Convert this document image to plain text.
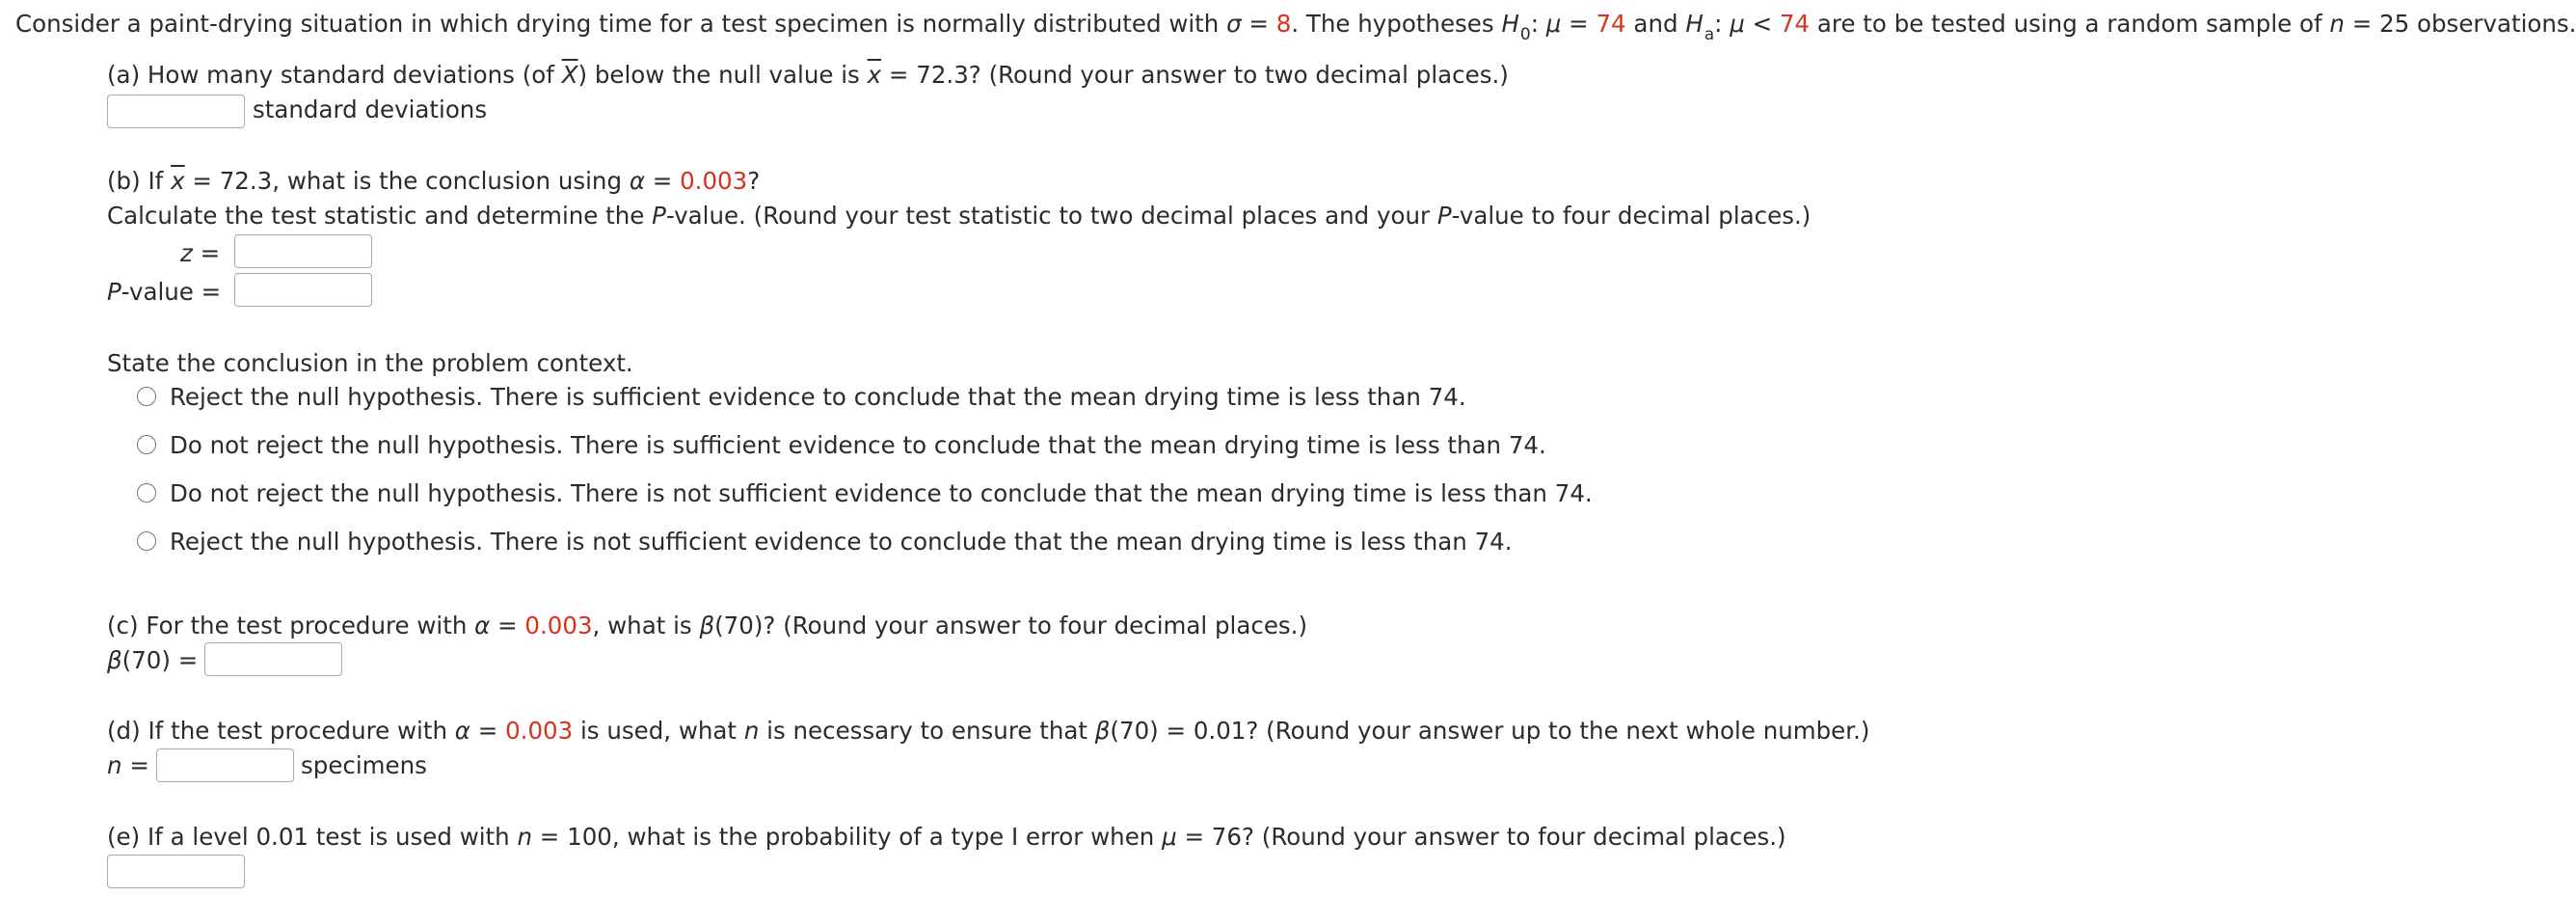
Consider a paint-drying situation in which drying time for a test specimen is normally distributed with σ = 8. The hypotheses $H_0$: μ = 74 and $H_a$: μ < 74 are to be tested using a random sample of n = 25 observations.
(a) How many standard deviations (of $\overline{X}$) below the null value is $\overline{x} = 72.3$? (Round your answer to two decimal places.)
standard deviations
(b) If $\overline{x} = 72.3$, what is the conclusion using α = 0.003?
Calculate the test statistic and determine the P-value. (Round your test statistic to two decimal places and your P-value to four decimal places.)
z =
P-value =
State the conclusion in the problem context.
Reject the null hypothesis. There is sufficient evidence to conclude that the mean drying time is less than 74.
Do not reject the null hypothesis. There is sufficient evidence to conclude that the mean drying time is less than 74.
Do not reject the null hypothesis. There is not sufficient evidence to conclude that the mean drying time is less than 74.
Reject the null hypothesis. There is not sufficient evidence to conclude that the mean drying time is less than 74.
(c) For the test procedure with α = 0.003, what is β(70)? (Round your answer to four decimal places.)
β(70) =
(d) If the test procedure with α = 0.003 is used, what n is necessary to ensure that β(70) = 0.01? (Round your answer up to the next whole number.)
n =	specimens
(e) If a level 0.01 test is used with n = 100, what is the probability of a type I error when μ = 76? (Round your answer to four decimal places.)
